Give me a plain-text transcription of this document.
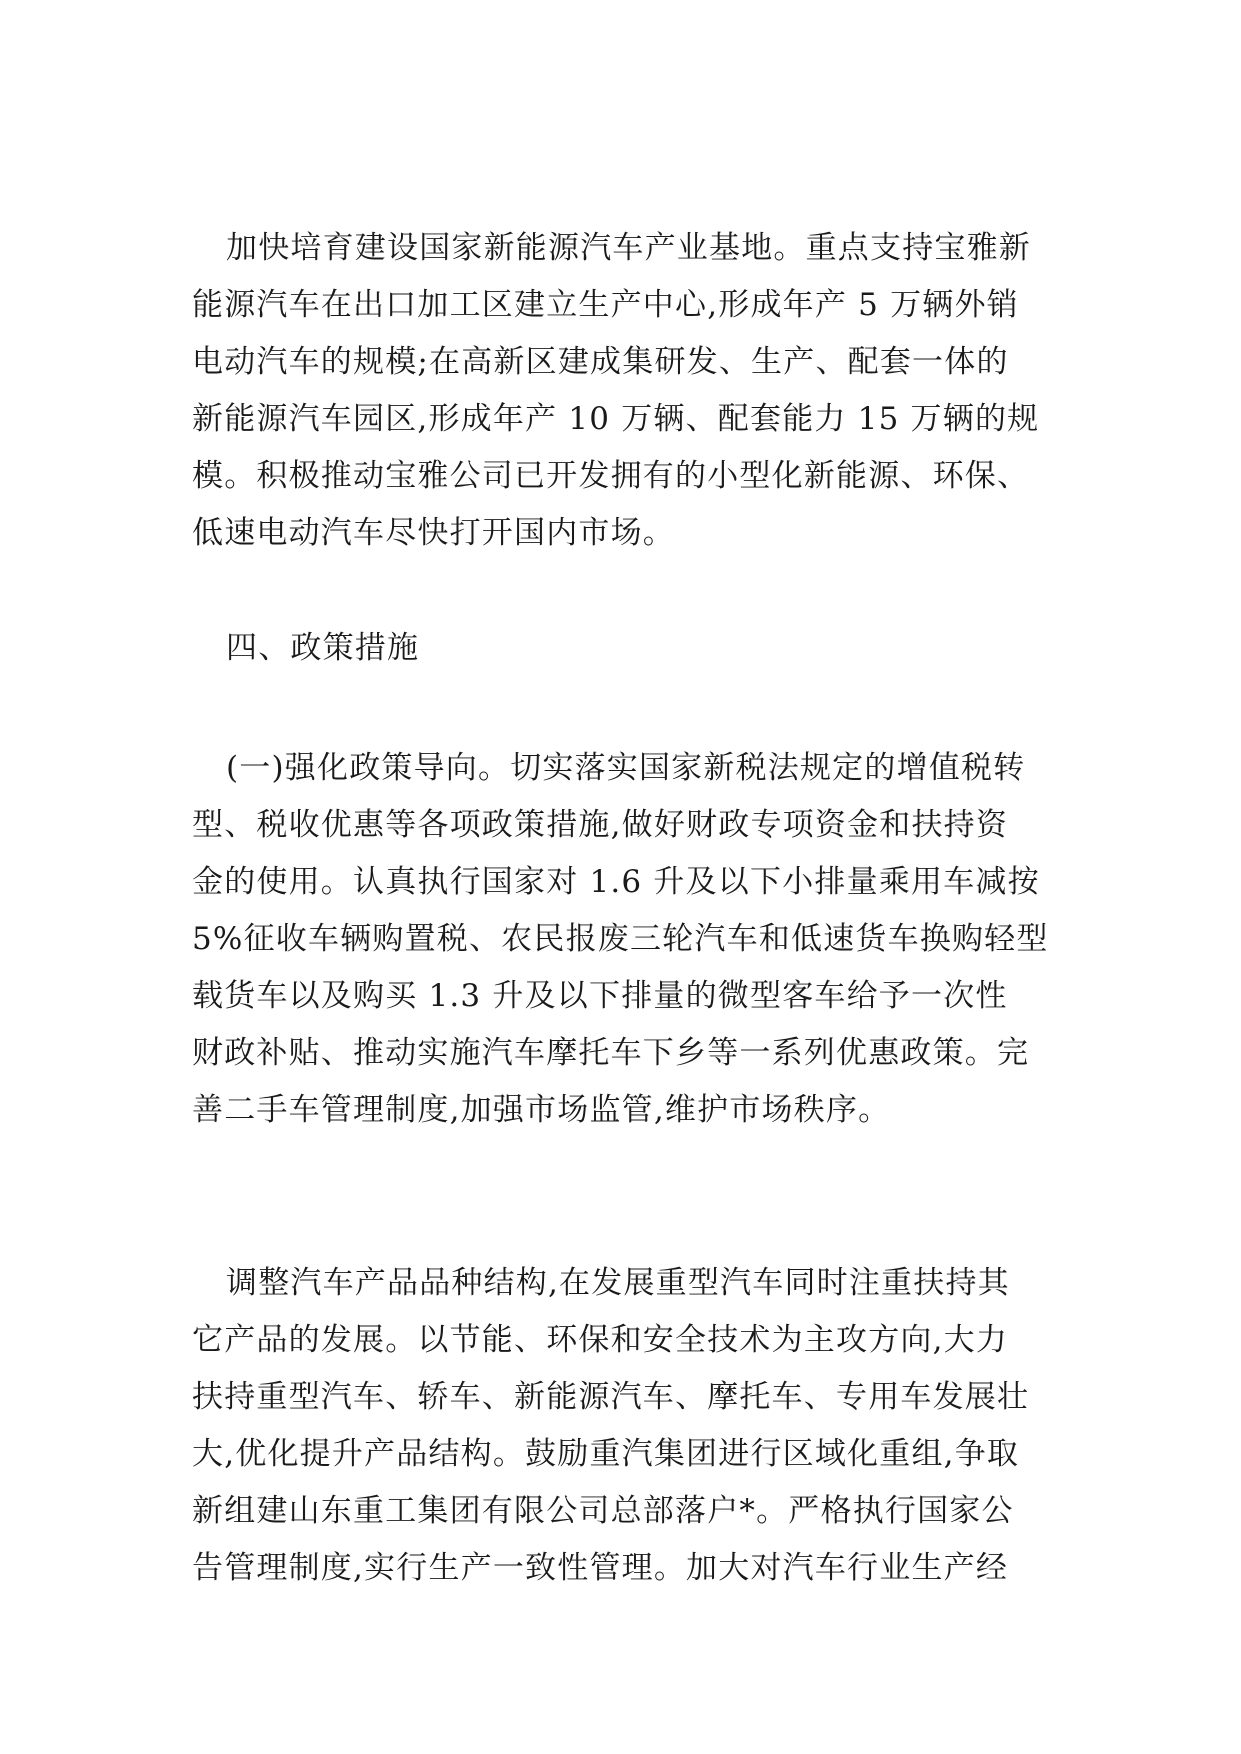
加快培育建设国家新能源汽车产业基地。重点支持宝雅新
能源汽车在出口加工区建立生产中心,形成年产 5 万辆外销
电动汽车的规模;在高新区建成集研发、生产、配套一体的
新能源汽车园区,形成年产 10 万辆、配套能力 15 万辆的规
模。积极推动宝雅公司已开发拥有的小型化新能源、环保、
低速电动汽车尽快打开国内市场。
四、政策措施
(一)强化政策导向。切实落实国家新税法规定的增值税转
型、税收优惠等各项政策措施,做好财政专项资金和扶持资
金的使用。认真执行国家对 1.6 升及以下小排量乘用车减按
5%征收车辆购置税、农民报废三轮汽车和低速货车换购轻型
载货车以及购买 1.3 升及以下排量的微型客车给予一次性
财政补贴、推动实施汽车摩托车下乡等一系列优惠政策。完
善二手车管理制度,加强市场监管,维护市场秩序。
调整汽车产品品种结构,在发展重型汽车同时注重扶持其
它产品的发展。以节能、环保和安全技术为主攻方向,大力
扶持重型汽车、轿车、新能源汽车、摩托车、专用车发展壮
大,优化提升产品结构。鼓励重汽集团进行区域化重组,争取
新组建山东重工集团有限公司总部落户*。严格执行国家公
告管理制度,实行生产一致性管理。加大对汽车行业生产经
